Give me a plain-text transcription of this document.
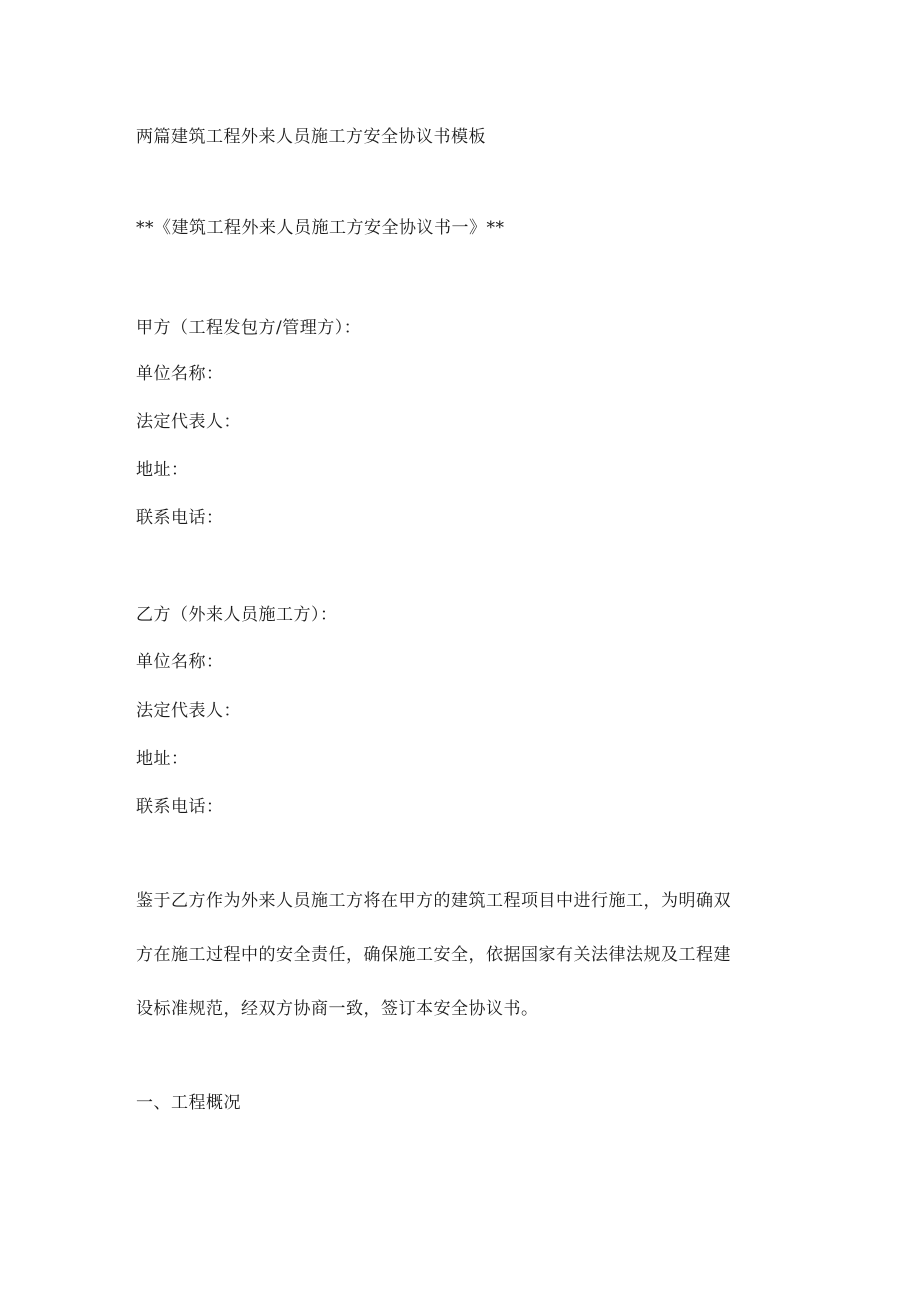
两篇建筑工程外来人员施工方安全协议书模板
**《建筑工程外来人员施工方安全协议书一》**
甲方（工程发包方/管理方）：
单位名称：
法定代表人：
地址：
联系电话：
乙方（外来人员施工方）：
单位名称：
法定代表人：
地址：
联系电话：
鉴于乙方作为外来人员施工方将在甲方的建筑工程项目中进行施工，为明确双
方在施工过程中的安全责任，确保施工安全，依据国家有关法律法规及工程建
设标准规范，经双方协商一致，签订本安全协议书。
一、工程概况
